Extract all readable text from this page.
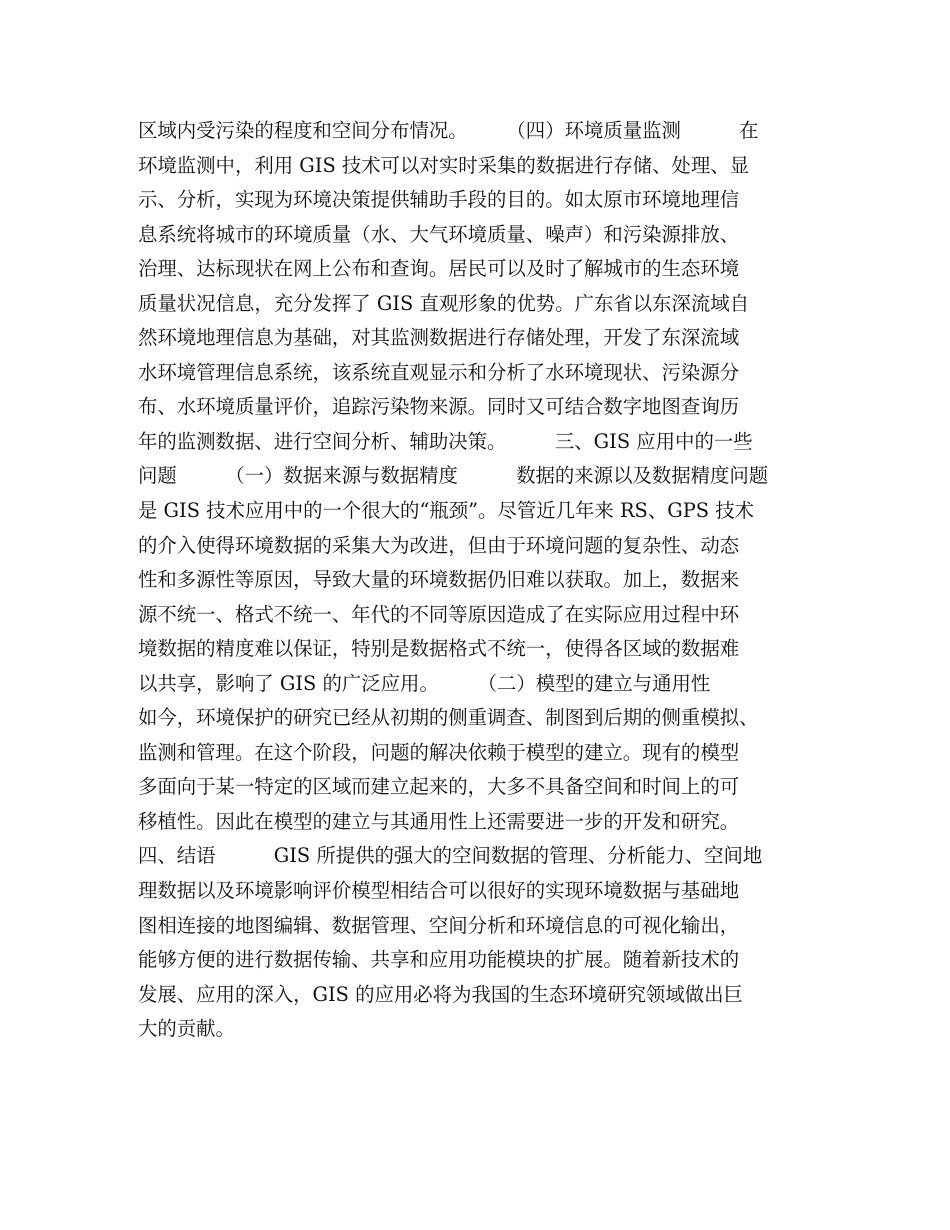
区域内受污染的程度和空间分布情况。　　　（四）环境质量监测　　　在
环境监测中，利用 GIS 技术可以对实时采集的数据进行存储、处理、显
示、分析，实现为环境决策提供辅助手段的目的。如太原市环境地理信
息系统将城市的环境质量（水、大气环境质量、噪声）和污染源排放、
治理、达标现状在网上公布和查询。居民可以及时了解城市的生态环境
质量状况信息，充分发挥了 GIS 直观形象的优势。广东省以东深流域自
然环境地理信息为基础，对其监测数据进行存储处理，开发了东深流域
水环境管理信息系统，该系统直观显示和分析了水环境现状、污染源分
布、水环境质量评价，追踪污染物来源。同时又可结合数字地图查询历
年的监测数据、进行空间分析、辅助决策。　　　三、GIS 应用中的一些
问题　　　（一）数据来源与数据精度　　　数据的来源以及数据精度问题
是 GIS 技术应用中的一个很大的“瓶颈”。尽管近几年来 RS、GPS 技术
的介入使得环境数据的采集大为改进，但由于环境问题的复杂性、动态
性和多源性等原因，导致大量的环境数据仍旧难以获取。加上，数据来
源不统一、格式不统一、年代的不同等原因造成了在实际应用过程中环
境数据的精度难以保证，特别是数据格式不统一，使得各区域的数据难
以共享，影响了 GIS 的广泛应用。　　　（二）模型的建立与通用性
如今，环境保护的研究已经从初期的侧重调查、制图到后期的侧重模拟、
监测和管理。在这个阶段，问题的解决依赖于模型的建立。现有的模型
多面向于某一特定的区域而建立起来的，大多不具备空间和时间上的可
移植性。因此在模型的建立与其通用性上还需要进一步的开发和研究。
四、结语　　　GIS 所提供的强大的空间数据的管理、分析能力、空间地
理数据以及环境影响评价模型相结合可以很好的实现环境数据与基础地
图相连接的地图编辑、数据管理、空间分析和环境信息的可视化输出，
能够方便的进行数据传输、共享和应用功能模块的扩展。随着新技术的
发展、应用的深入，GIS 的应用必将为我国的生态环境研究领域做出巨
大的贡献。
